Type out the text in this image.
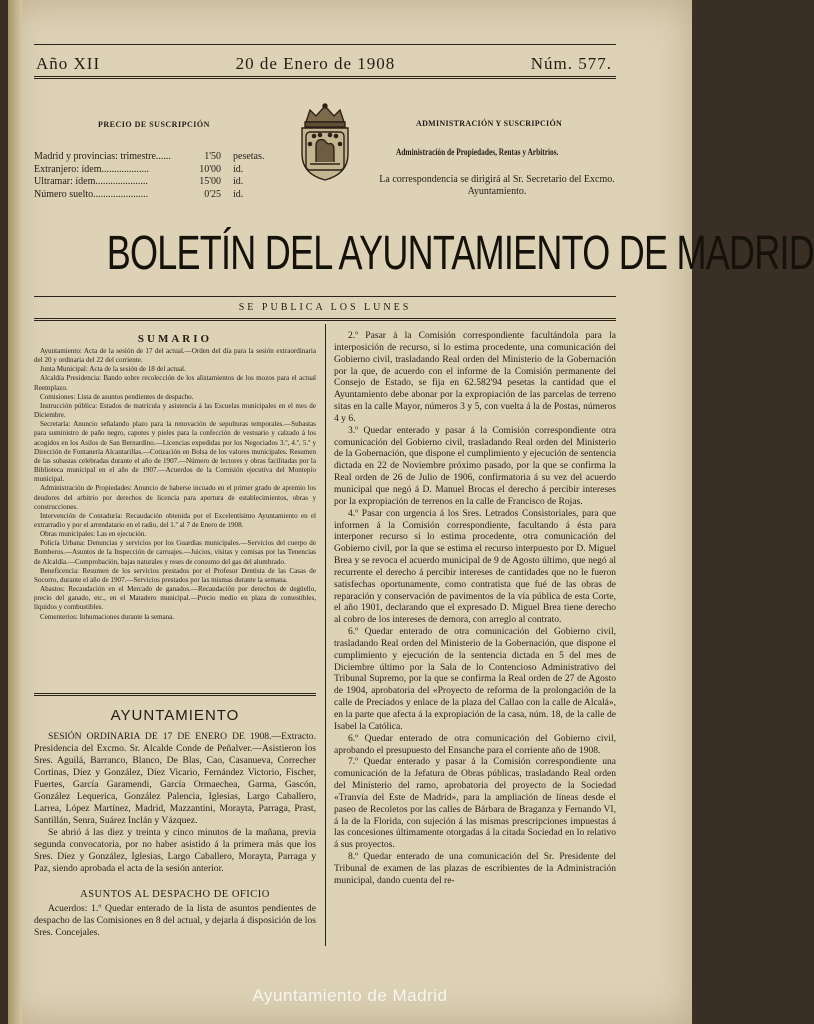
Año XII	20 de Enero de 1908	Núm. 577.
PRECIO DE SUSCRIPCIÓN
Madrid y provincias: trimestre......	1'50 pesetas.
Extranjero: ídem...................	10'00 íd.
Ultramar: ídem.....................	15'00 íd.
Número suelto......................	0'25 íd.
ADMINISTRACIÓN Y SUSCRIPCIÓN
Administración de Propiedades, Rentas y Arbitrios.
La correspondencia se dirigirá al Sr. Secretario del Excmo. Ayuntamiento.
BOLETÍN DEL AYUNTAMIENTO DE MADRID
SE PUBLICA LOS LUNES
SUMARIO

Ayuntamiento: Acta de la sesión de 17 del actual.—Orden del día para la sesión extraordinaria del 20 y ordinaria del 22 del corriente.

Junta Municipal: Acta de la sesión de 18 del actual.

Alcaldía Presidencia: Bando sobre recolección de los alistamientos de los mozos para el actual Reemplazo.

Comisiones: Lista de asuntos pendientes de despacho.

Instrucción pública: Estados de matrícula y asistencia á las Escuelas municipales en el mes de Diciembre.

Secretaría: Anuncio señalando plazo para la renovación de sepulturas temporales.—Subastas para suministro de paño negro, capotes y pieles para la confección de vestuario y calzado á los acogidos en los Asilos de San Bernardino.—Licencias expedidas por los Negociados 3.º, 4.º, 5.º y Dirección de Fontanería Alcantarillas.—Cotización en Bolsa de los valores municipales. Resumen de las subastas celebradas durante el año de 1907.—Número de lectores y obras facilitadas por la Biblioteca municipal en el año de 1907.—Acuerdos de la Comisión ejecutiva del Montepío municipal.

Administración de Propiedades: Anuncio de haberse incoado en el primer grado de apremio los deudores del arbitrio por derechos de licencia para apertura de establecimientos, obras y construcciones.

Intervención de Contaduría: Recaudación obtenida por el Excelentísimo Ayuntamiento en el extrarradio y por el arrendatario en el radio, del 1.º al 7 de Enero de 1908.

Obras municipales: Las en ejecución.

Policía Urbana: Denuncias y servicios por los Guardias municipales.—Servicios del cuerpo de Bomberos.—Asuntos de la Inspección de carruajes.—Juicios, visitas y comisas por las Tenencias de Alcaldía.—Comprobación, bajas naturales y reses de consumo del gas del alumbrado.

Beneficencia: Resumen de los servicios prestados por el Profesor Dentista de las Casas de Socorro, durante el año de 1907.—Servicios prestados por las mismas durante la semana.

Abastos: Recaudación en el Mercado de ganados.—Recaudación por derechos de degüello, precio del ganado, etc., en el Matadero municipal.—Precio medio en plaza de comestibles, líquidos y combustibles.

Cementerios: Inhumaciones durante la semana.

AYUNTAMIENTO

SESIÓN ORDINARIA DE 17 DE ENERO DE 1908.—Extracto. Presidencia del Excmo. Sr. Alcalde Conde de Peñalver.—Asistieron los Sres. Aguilá, Barranco, Blanco, De Blas, Cao, Casanueva, Correcher Cortinas, Díez y González, Díez Vicario, Fernández Victorio, Fischer, Fuertes, García Garamendi, García Ormaechea, Garma, Gascón, González Lequerica, González Palencia, Iglesias, Largo Caballero, Larrea, López Martínez, Madrid, Mazzantini, Morayta, Parraga, Prast, Santillán, Senra, Suárez Inclán y Vázquez.

Se abrió á las diez y treinta y cinco minutos de la mañana, previa segunda convocatoria, por no haber asistido á la primera más que los Sres. Díez y González, Iglesias, Largo Caballero, Morayta, Parraga y Paz, siendo aprobada el acta de la sesión anterior.

ASUNTOS AL DESPACHO DE OFICIO

Acuerdos: 1.º Quedar enterado de la lista de asuntos pendientes de despacho de las Comisiones en 8 del actual, y dejarla á disposición de los Sres. Concejales.

2.º Pasar á la Comisión correspondiente facultándola para la interposición de recurso, si lo estima procedente, una comunicación del Gobierno civil, trasladando Real orden del Ministerio de la Gobernación por la que, de acuerdo con el informe de la Comisión permanente del Consejo de Estado, se fija en 62.582'94 pesetas la cantidad que el Ayuntamiento debe abonar por la expropiación de las parcelas de terreno sitas en la calle Mayor, números 3 y 5, con vuelta á la de Postas, números 4 y 6.

3.º Quedar enterado y pasar á la Comisión correspondiente otra comunicación del Gobierno civil, trasladando Real orden del Ministerio de la Gobernación, que dispone el cumplimiento y ejecución de sentencia dictada en 22 de Noviembre próximo pasado, por la que se confirma la Real orden de 26 de Julio de 1906, confirmatoria á su vez del acuerdo municipal que negó á D. Manuel Brocas el derecho á percibir intereses por la expropiación de terrenos en la calle de Francisco de Rojas.

4.º Pasar con urgencia á los Sres. Letrados Consistoriales, para que informen á la Comisión correspondiente, facultando á ésta para interponer recurso si lo estima procedente, otra comunicación del Gobierno civil, por la que se estima el recurso interpuesto por D. Miguel Brea y se revoca el acuerdo municipal de 9 de Agosto último, que negó al recurrente el derecho á percibir intereses de cantidades que no le fueron satisfechas oportunamente, como contratista que fué de las obras de reparación y conservación de pavimentos de la vía pública de esta Corte, el año 1901, declarando que el expresado D. Miguel Brea tiene derecho al cobro de los intereses de demora, con arreglo al contrato.

6.º Quedar enterado de otra comunicación del Gobierno civil, trasladando Real orden del Ministerio de la Gobernación, que dispone el cumplimiento y ejecución de la sentencia dictada en 5 del mes de Diciembre último por la Sala de lo Contencioso Administrativo del Tribunal Supremo, por la que se confirma la Real orden de 27 de Agosto de 1904, aprobatoria del «Proyecto de reforma de la prolongación de la calle de Preciados y enlace de la plaza del Callao con la calle de Alcalá», en la parte que afecta á la expropiación de la casa, núm. 18, de la calle de Isabel la Católica.

6.º Quedar enterado de otra comunicación del Gobierno civil, aprobando el presupuesto del Ensanche para el corriente año de 1908.

7.º Quedar enterado y pasar á la Comisión correspondiente una comunicación de la Jefatura de Obras públicas, trasladando Real orden del Ministerio del ramo, aprobatoria del proyecto de la Sociedad «Tranvía del Este de Madrid», para la ampliación de líneas desde el paseo de Recoletos por las calles de Bárbara de Braganza y Fernando VI, á la de la Florida, con sujeción á las mismas prescripciones impuestas á las concesiones últimamente otorgadas á la citada Sociedad en lo relativo á sus proyectos.

8.º Quedar enterado de una comunicación del Sr. Presidente del Tribunal de examen de las plazas de escribientes de la Administración municipal, dando cuenta del re-

Ayuntamiento de Madrid
